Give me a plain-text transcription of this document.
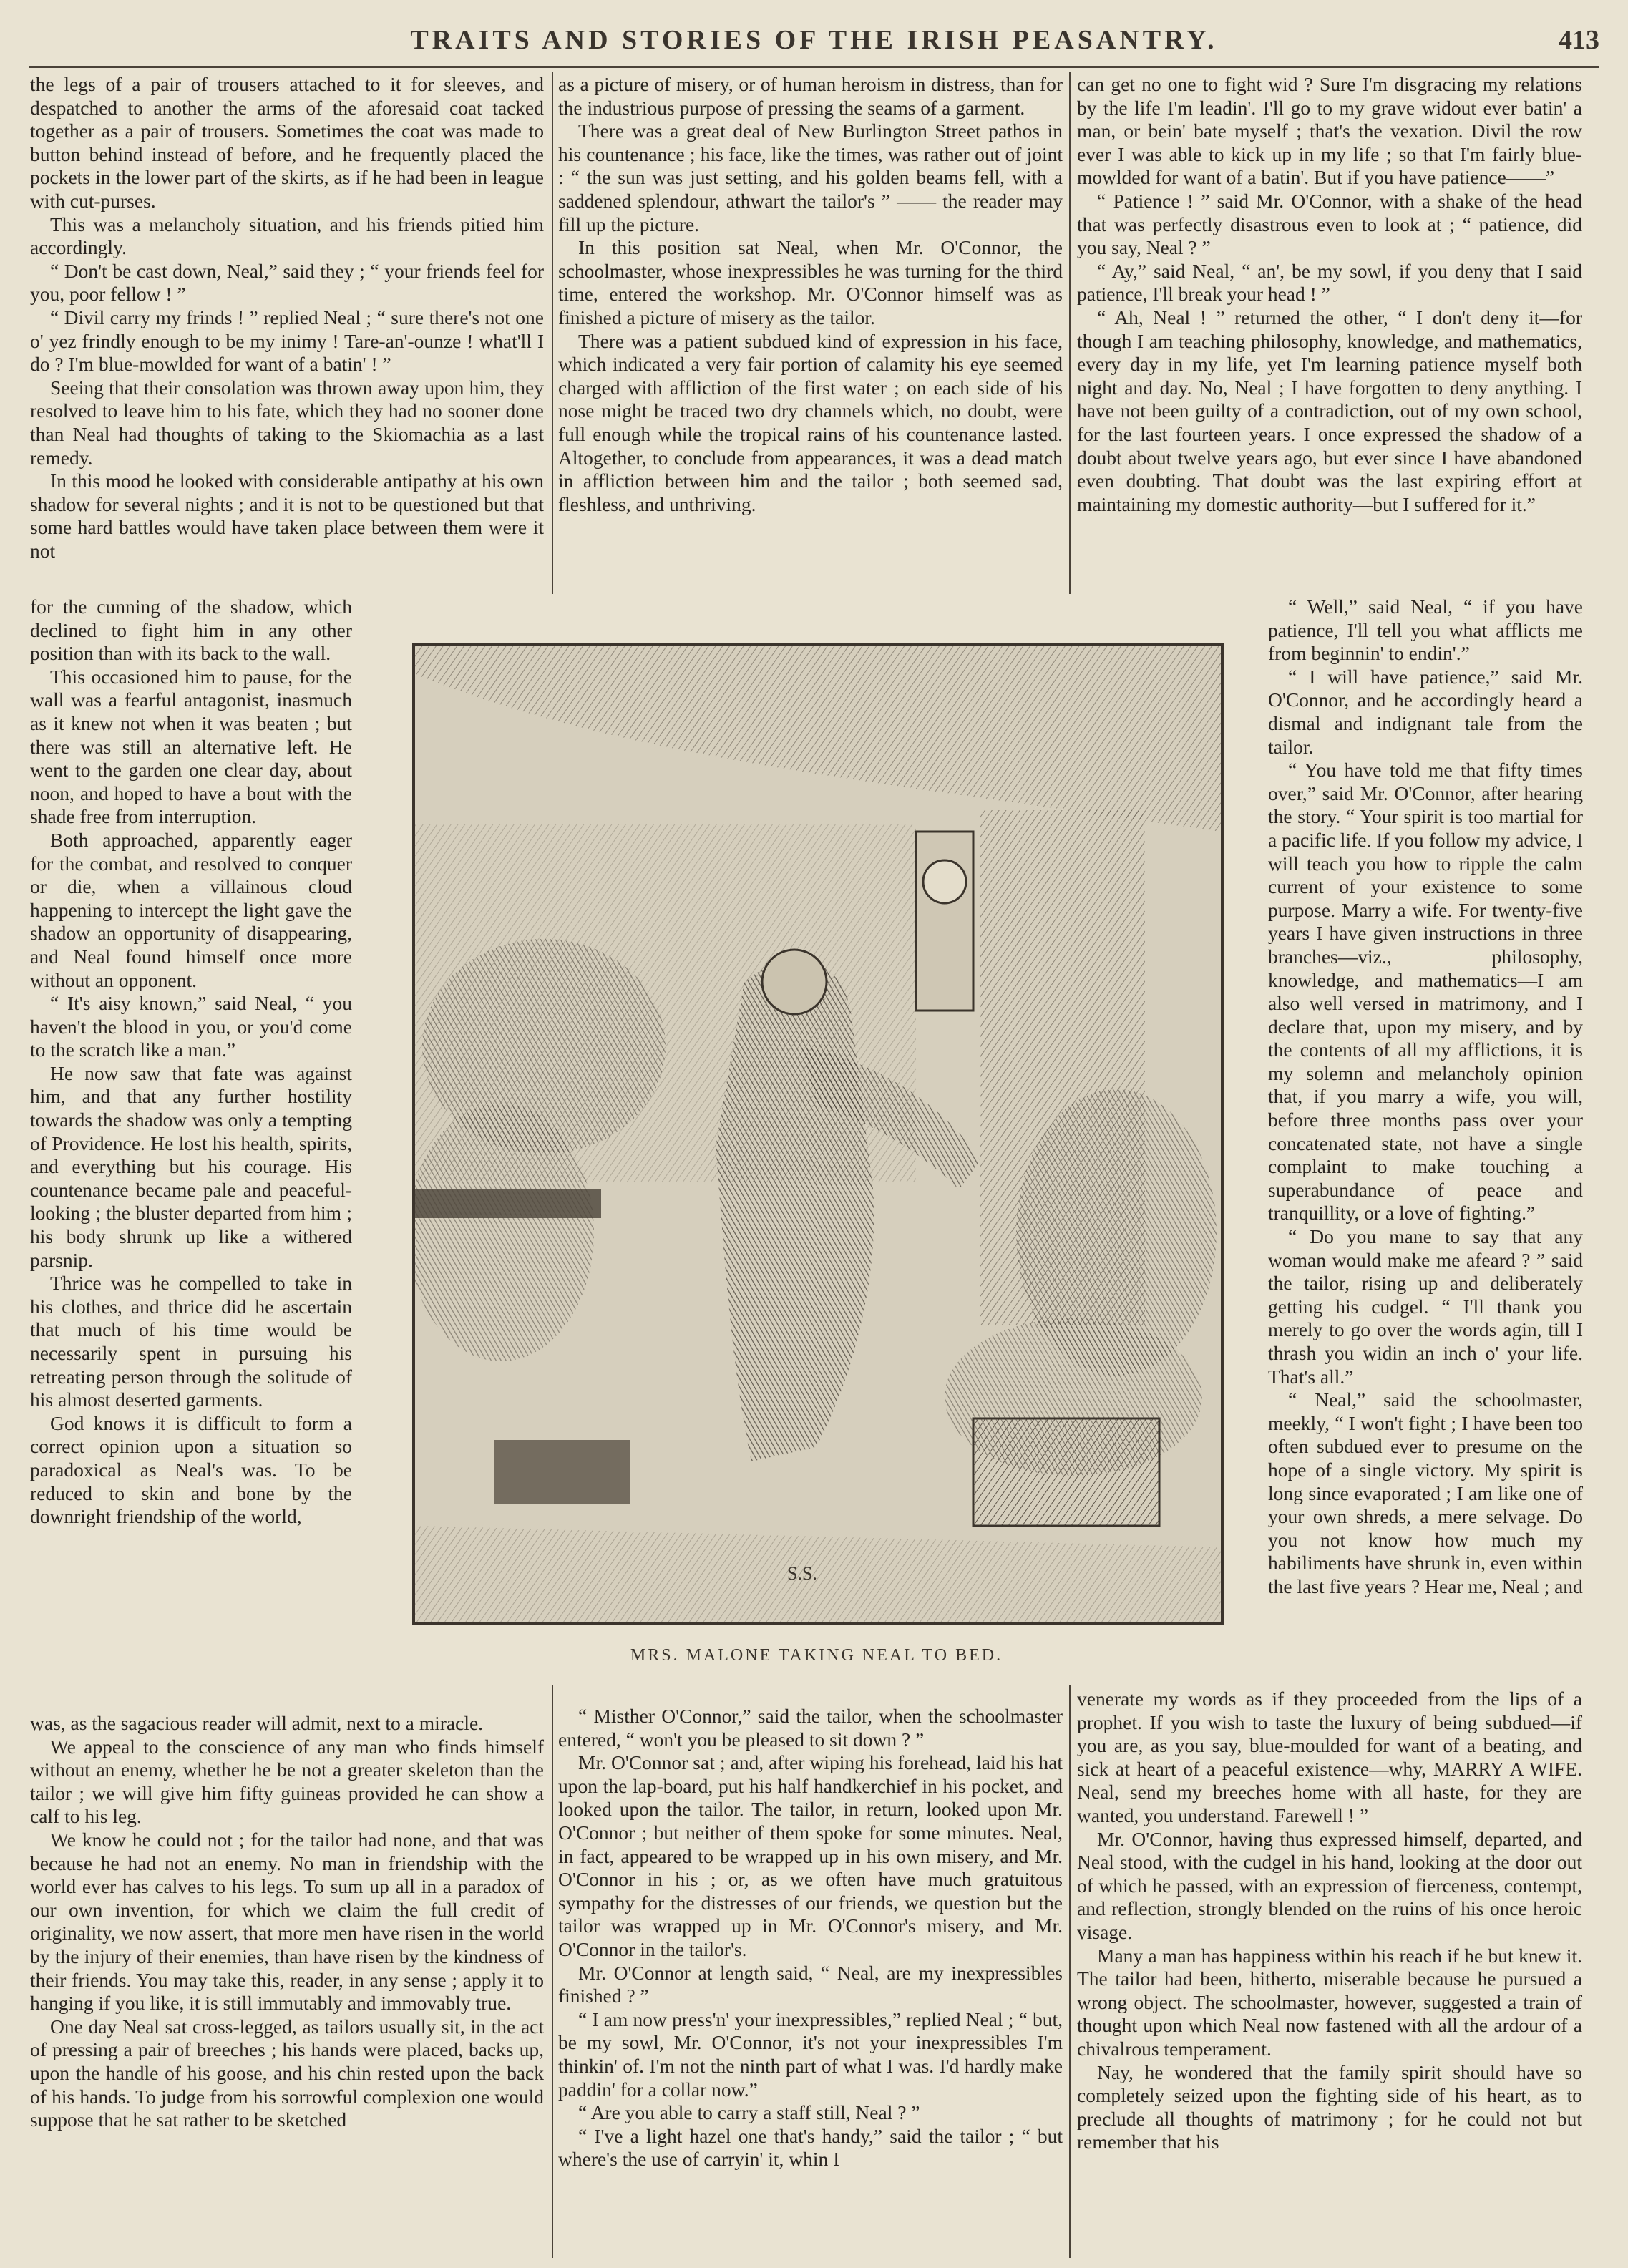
TRAITS AND STORIES OF THE IRISH PEASANTRY.	413

the legs of a pair of trousers attached to it for sleeves, and despatched to another the arms of the aforesaid coat tacked together as a pair of trousers. Sometimes the coat was made to button behind instead of before, and he frequently placed the pockets in the lower part of the skirts, as if he had been in league with cut-purses.

This was a melancholy situation, and his friends pitied him accordingly.

“ Don't be cast down, Neal,” said they ; “ your friends feel for you, poor fellow ! ”

“ Divil carry my frinds ! ” replied Neal ; “ sure there's not one o' yez frindly enough to be my inimy ! Tare-an'-ounze ! what'll I do ? I'm blue-mowlded for want of a batin' ! ”

Seeing that their consolation was thrown away upon him, they resolved to leave him to his fate, which they had no sooner done than Neal had thoughts of taking to the Skiomachia as a last remedy.

In this mood he looked with considerable antipathy at his own shadow for several nights ; and it is not to be questioned but that some hard battles would have taken place between them were it not

for the cunning of the shadow, which declined to fight him in any other position than with its back to the wall.

This occasioned him to pause, for the wall was a fearful antagonist, inasmuch as it knew not when it was beaten ; but there was still an alternative left. He went to the garden one clear day, about noon, and hoped to have a bout with the shade free from interruption.

Both approached, apparently eager for the combat, and resolved to conquer or die, when a villainous cloud happening to intercept the light gave the shadow an opportunity of disappearing, and Neal found himself once more without an opponent.

“ It's aisy known,” said Neal, “ you haven't the blood in you, or you'd come to the scratch like a man.”

He now saw that fate was against him, and that any further hostility towards the shadow was only a tempting of Providence. He lost his health, spirits, and everything but his courage. His countenance became pale and peaceful-looking ; the bluster departed from him ; his body shrunk up like a withered parsnip.

Thrice was he compelled to take in his clothes, and thrice did he ascertain that much of his time would be necessarily spent in pursuing his retreating person through the solitude of his almost deserted garments.

God knows it is difficult to form a correct opinion upon a situation so paradoxical as Neal's was. To be reduced to skin and bone by the downright friendship of the world,

was, as the sagacious reader will admit, next to a miracle.

We appeal to the conscience of any man who finds himself without an enemy, whether he be not a greater skeleton than the tailor ; we will give him fifty guineas provided he can show a calf to his leg.

We know he could not ; for the tailor had none, and that was because he had not an enemy. No man in friendship with the world ever has calves to his legs. To sum up all in a paradox of our own invention, for which we claim the full credit of originality, we now assert, that more men have risen in the world by the injury of their enemies, than have risen by the kindness of their friends. You may take this, reader, in any sense ; apply it to hanging if you like, it is still immutably and immovably true.

One day Neal sat cross-legged, as tailors usually sit, in the act of pressing a pair of breeches ; his hands were placed, backs up, upon the handle of his goose, and his chin rested upon the back of his hands. To judge from his sorrowful complexion one would suppose that he sat rather to be sketched

as a picture of misery, or of human heroism in distress, than for the industrious purpose of pressing the seams of a garment.

There was a great deal of New Burlington Street pathos in his countenance ; his face, like the times, was rather out of joint : “ the sun was just setting, and his golden beams fell, with a saddened splendour, athwart the tailor's ” —— the reader may fill up the picture.

In this position sat Neal, when Mr. O'Connor, the schoolmaster, whose inexpressibles he was turning for the third time, entered the workshop. Mr. O'Connor himself was as finished a picture of misery as the tailor.

There was a patient subdued kind of expression in his face, which indicated a very fair portion of calamity his eye seemed charged with affliction of the first water ; on each side of his nose might be traced two dry channels which, no doubt, were full enough while the tropical rains of his countenance lasted. Altogether, to conclude from appearances, it was a dead match in affliction between him and the tailor ; both seemed sad, fleshless, and unthriving.

“ Misther O'Connor,” said the tailor, when the schoolmaster entered, “ won't you be pleased to sit down ? ”

Mr. O'Connor sat ; and, after wiping his forehead, laid his hat upon the lap-board, put his half handkerchief in his pocket, and looked upon the tailor. The tailor, in return, looked upon Mr. O'Connor ; but neither of them spoke for some minutes. Neal, in fact, appeared to be wrapped up in his own misery, and Mr. O'Connor in his ; or, as we often have much gratuitous sympathy for the distresses of our friends, we question but the tailor was wrapped up in Mr. O'Connor's misery, and Mr. O'Connor in the tailor's.

Mr. O'Connor at length said, “ Neal, are my inexpressibles finished ? ”

“ I am now press'n' your inexpressibles,” replied Neal ; “ but, be my sowl, Mr. O'Connor, it's not your inexpressibles I'm thinkin' of. I'm not the ninth part of what I was. I'd hardly make paddin' for a collar now.”

“ Are you able to carry a staff still, Neal ? ”

“ I've a light hazel one that's handy,” said the tailor ; “ but where's the use of carryin' it, whin I

can get no one to fight wid ? Sure I'm disgracing my relations by the life I'm leadin'. I'll go to my grave widout ever batin' a man, or bein' bate myself ; that's the vexation. Divil the row ever I was able to kick up in my life ; so that I'm fairly blue-mowlded for want of a batin'. But if you have patience——”

“ Patience ! ” said Mr. O'Connor, with a shake of the head that was perfectly disastrous even to look at ; “ patience, did you say, Neal ? ”

“ Ay,” said Neal, “ an', be my sowl, if you deny that I said patience, I'll break your head ! ”

“ Ah, Neal ! ” returned the other, “ I don't deny it—for though I am teaching philosophy, knowledge, and mathematics, every day in my life, yet I'm learning patience myself both night and day. No, Neal ; I have forgotten to deny anything. I have not been guilty of a contradiction, out of my own school, for the last fourteen years. I once expressed the shadow of a doubt about twelve years ago, but ever since I have abandoned even doubting. That doubt was the last expiring effort at maintaining my domestic authority—but I suffered for it.”

“ Well,” said Neal, “ if you have patience, I'll tell you what afflicts me from beginnin' to endin'.”

“ I will have patience,” said Mr. O'Connor, and he accordingly heard a dismal and indignant tale from the tailor.

“ You have told me that fifty times over,” said Mr. O'Connor, after hearing the story. “ Your spirit is too martial for a pacific life. If you follow my advice, I will teach you how to ripple the calm current of your existence to some purpose. Marry a wife. For twenty-five years I have given instructions in three branches—viz., philosophy, knowledge, and mathematics—I am also well versed in matrimony, and I declare that, upon my misery, and by the contents of all my afflictions, it is my solemn and melancholy opinion that, if you marry a wife, you will, before three months pass over your concatenated state, not have a single complaint to make touching a superabundance of peace and tranquillity, or a love of fighting.”

“ Do you mane to say that any woman would make me afeard ? ” said the tailor, rising up and deliberately getting his cudgel. “ I'll thank you merely to go over the words agin, till I thrash you widin an inch o' your life. That's all.”

“ Neal,” said the schoolmaster, meekly, “ I won't fight ; I have been too often subdued ever to presume on the hope of a single victory. My spirit is long since evaporated ; I am like one of your own shreds, a mere selvage. Do you not know how much my habiliments have shrunk in, even within the last five years ? Hear me, Neal ; and

venerate my words as if they proceeded from the lips of a prophet. If you wish to taste the luxury of being subdued—if you are, as you say, blue-moulded for want of a beating, and sick at heart of a peaceful existence—why, MARRY A WIFE. Neal, send my breeches home with all haste, for they are wanted, you understand. Farewell ! ”

Mr. O'Connor, having thus expressed himself, departed, and Neal stood, with the cudgel in his hand, looking at the door out of which he passed, with an expression of fierceness, contempt, and reflection, strongly blended on the ruins of his once heroic visage.

Many a man has happiness within his reach if he but knew it. The tailor had been, hitherto, miserable because he pursued a wrong object. The schoolmaster, however, suggested a train of thought upon which Neal now fastened with all the ardour of a chivalrous temperament.

Nay, he wondered that the family spirit should have so completely seized upon the fighting side of his heart, as to preclude all thoughts of matrimony ; for he could not but remember that his

S.S.
MRS. MALONE TAKING NEAL TO BED.
